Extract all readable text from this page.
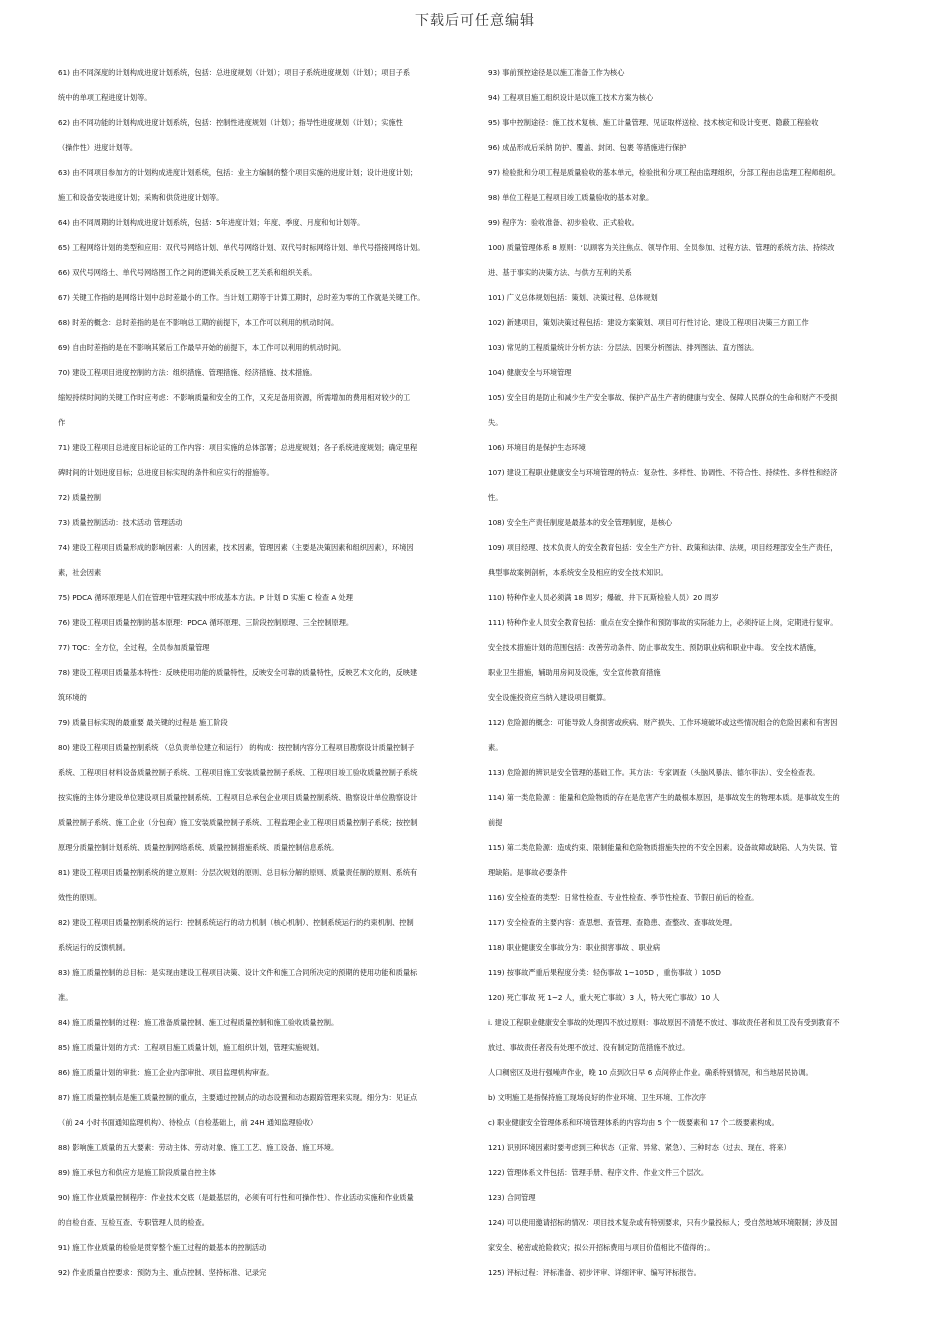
下载后可任意编辑
61) 由不同深度的计划构成进度计划系统，包括：总进度规划（计划）；项目子系统进度规划（计划）；项目子系
统中的单项工程进度计划等。
62) 由不同功能的计划构成进度计划系统，包括：控制性进度规划（计划）；指导性进度规划（计划）；实施性
（操作性）进度计划等。
63) 由不同项目参加方的计划构成进度计划系统，包括：业主方编制的整个项目实施的进度计划；设计进度计划；
施工和设备安装进度计划；采购和供货进度计划等。
64) 由不同周期的计划构成进度计划系统，包括：5年进度计划；年度、季度、月度和旬计划等。
65) 工程网络计划的类型和应用：双代号网络计划、单代号网络计划、双代号时标网络计划、单代号搭接网络计划。
66) 双代号网络土、单代号网络图工作之间的逻辑关系反映工艺关系和组织关系。
67) 关键工作指的是网络计划中总时差最小的工作。当计划工期等于计算工期时，总时差为零的工作就是关键工作。
68) 时差的概念：总时差指的是在不影响总工期的前提下，本工作可以利用的机动时间。
69) 自由时差指的是在不影响其紧后工作最早开始的前提下，本工作可以利用的机动时间。
70) 建设工程项目进度控制的方法：组织措施、管理措施、经济措施、技术措施。
缩短持续时间的关键工作时应考虑：不影响质量和安全的工作，又充足备用资源，所需增加的费用相对较少的工
作
71) 建设工程项目总进度目标论证的工作内容：项目实施的总体部署；总进度规划；各子系统进度规划；确定里程
碑时间的计划进度目标；总进度目标实现的条件和应实行的措施等。
72) 质量控制
73) 质量控制活动：技术活动 管理活动
74) 建设工程项目质量形成的影响因素：人的因素，技术因素，管理因素（主要是决策因素和组织因素），环境因
素，社会因素
75) PDCA 循环原理是人们在管理中管理实践中形成基本方法。P 计划 D 实施 C 检查 A 处理
76) 建设工程项目质量控制的基本原理：PDCA 循环原理、三阶段控制原理、三全控制原理。
77) TQC：全方位，全过程，全员参加质量管理
78) 建设工程项目质量基本特性：反映使用功能的质量特性，反映安全可靠的质量特性，反映艺术文化的，反映建
筑环境的
79) 质量目标实现的最重要 最关键的过程是 施工阶段
80) 建设工程项目质量控制系统 （总负责单位建立和运行） 的构成：按控制内容分工程项目勘察设计质量控制子
系统、工程项目材料设备质量控制子系统、工程项目施工安装质量控制子系统、工程项目竣工验收质量控制子系统
按实施的主体分建设单位建设项目质量控制系统、工程项目总承包企业项目质量控制系统、勘察设计单位勘察设计
质量控制子系统、施工企业（分包商）施工安装质量控制子系统、工程监理企业工程项目质量控制子系统；按控制
原理分质量控制计划系统、质量控制网络系统、质量控制措施系统、质量控制信息系统。
81) 建设工程项目质量控制系统的建立原则：分层次规划的原则、总目标分解的原则、质量责任制的原则、系统有
效性的原则。
82) 建设工程项目质量控制系统的运行：控制系统运行的动力机制（核心机制）、控制系统运行的约束机制、控制
系统运行的反馈机制。
83) 施工质量控制的总目标：是实现由建设工程项目决策、设计文件和施工合同所决定的预期的使用功能和质量标
准。
84) 施工质量控制的过程：施工准备质量控制、施工过程质量控制和施工验收质量控制。
85) 施工质量计划的方式：工程项目施工质量计划，施工组织计划，管理实施规划。
86) 施工质量计划的审批：施工企业内部审批、项目监理机构审查。
87) 施工质量控制点是施工质量控制的重点，主要通过控制点的动态设置和动态跟踪管理来实现。细分为：见证点
（前 24 小时书面通知监理机构）、待检点（自检基础上，前 24H 通知监理验收）
88) 影响施工质量的五大要素：劳动主体、劳动对象、施工工艺、施工设备、施工环境。
89) 施工承包方和供应方是施工阶段质量自控主体
90) 施工作业质量控制程序：作业技术交底（是最基层的，必须有可行性和可操作性）、作业活动实施和作业质量
的自检自查、互检互查、专职管理人员的检查。
91) 施工作业质量的检验是贯穿整个施工过程的最基本的控制活动
92) 作业质量自控要求：预防为主、重点控制、坚持标准、记录完
93) 事前预控途径是以施工准备工作为核心
94) 工程项目施工组织设计是以施工技术方案为核心
95) 事中控制途径：施工技术复核、施工计量管理、见证取样送检、技术核定和设计变更、隐蔽工程验收
96) 成品形成后采纳 防护、覆盖、封闭、包裹 等措施进行保护
97) 检验批和分项工程是质量验收的基本单元，检验批和分项工程由监理组织，分部工程由总监理工程师组织。
98) 单位工程是工程项目竣工质量验收的基本对象。
99) 程序为：验收准备、初步验收、正式验收。
100) 质量管理体系 8 原则：‘以顾客为关注焦点、领导作用、全员参加、过程方法、管理的系统方法、持续改
进、基于事实的决策方法、与供方互利的关系
101) 广义总体规划包括：策划、决策过程、总体规划
102) 新建项目，策划决策过程包括：建设方案策划、项目可行性讨论、建设工程项目决策三方面工作
103) 常见的工程质量统计分析方法：分层法、因果分析图法、排列图法、直方图法。
104) 健康安全与环境管理
105) 安全目的是防止和减少生产安全事故、保护产品生产者的健康与安全、保障人民群众的生命和财产不受损
失。
106) 环境目的是保护生态环境
107) 建设工程职业健康安全与环境管理的特点：复杂性、多样性、协调性、不符合性、持续性、多样性和经济
性。
108) 安全生产责任制度是最基本的安全管理制度，是核心
109) 项目经理、技术负责人的安全教育包括：安全生产方针、政策和法律、法规，项目经理部安全生产责任，
典型事故案例剖析，本系统安全及相应的安全技术知识。
110) 特种作业人员必须满 18 周岁；爆破、井下瓦斯检验人员）20 周岁
111) 特种作业人员安全教育包括：重点在安全操作和预防事故的实际能力上，必须持证上岗，定期进行复审。
安全技术措施计划的范围包括：改善劳动条件、防止事故发生、预防职业病和职业中毒。 安全技术措施，
职业卫生措施，辅助用房间及设施，安全宣传教育措施
安全设施投资应当纳入建设项目概算。
112) 危险源的概念：可能导致人身损害或疾病、财产损失、工作环境破坏或这些情况组合的危险因素和有害因
素。
113) 危险源的辨识是安全管理的基础工作。其方法：专家调查（头脑风暴法、德尔菲法）、安全检查表。
114) 第一类危险源 ：能量和危险物质的存在是危害产生的最根本原因，是事故发生的物理本质。是事故发生的
前提
115) 第二类危险源：造成约束、限制能量和危险物质措施失控的不安全因素。设备故障或缺陷、人为失误、管
理缺陷。是事故必要条件
116) 安全检查的类型：日常性检查、专业性检查、季节性检查、节假日前后的检查。
117) 安全检查的主要内容：查思想、查管理、查隐患、查整改、查事故处理。
118) 职业健康安全事故分为：职业损害事故 、职业病
119) 按事故严重后果程度分类：轻伤事故 1~105D ，重伤事故 ）105D
120) 死亡事故 死 1~2 人，重大死亡事故）3 人，特大死亡事故）10 人
i. 建设工程职业健康安全事故的处理四不放过原则：事故原因不清楚不放过、事故责任者和员工没有受到教育不
放过、事故责任者没有处理不放过、没有制定防范措施不放过。
人口稠密区及进行强噪声作业，晚 10 点到次日早 6 点间停止作业。确系特别情况，和当地居民协调。
b) 文明施工是指保持施工现场良好的作业环境、卫生环境、工作次序
c) 职业健康安全管理体系和环境管理体系的内容均由 5 个一级要素和 17 个二级要素构成。
121) 识别环境因素时要考虑到三种状态（正常、异常、紧急）、三种时态（过去、现在、将来）
122) 管理体系文件包括：管理手册、程序文件、作业文件三个层次。
123) 合同管理
124) 可以使用邀请招标的情况：项目技术复杂或有特别要求，只有少量投标人；受自然地域环境限制；涉及国
家安全、秘密或抢险救灾；拟公开招标费用与项目价值相比不值得的；。
125) 评标过程：评标准备、初步评审、详细评审、编写评标报告。
